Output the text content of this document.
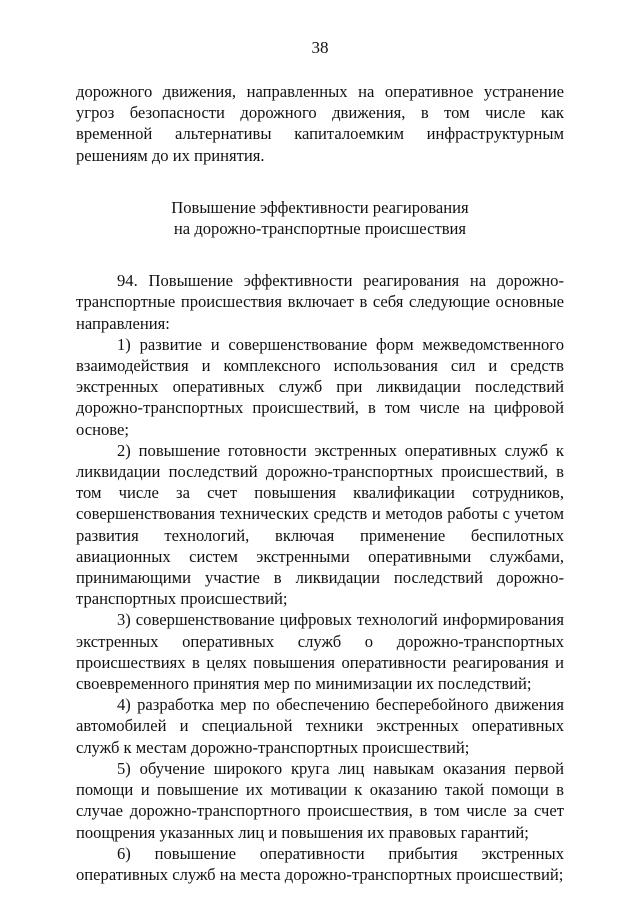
38

дорожного движения, направленных на оперативное устранение угроз безопасности дорожного движения, в том числе как временной альтернативы капиталоемким инфраструктурным решениям до их принятия.

Повышение эффективности реагирования

на дорожно-транспортные происшествия

94. Повышение эффективности реагирования на дорожно-транспортные происшествия включает в себя следующие основные направления:

1) развитие и совершенствование форм межведомственного взаимодействия и комплексного использования сил и средств экстренных оперативных служб при ликвидации последствий дорожно-транспортных происшествий, в том числе на цифровой основе;

2) повышение готовности экстренных оперативных служб к ликвидации последствий дорожно-транспортных происшествий, в том числе за счет повышения квалификации сотрудников, совершенствования технических средств и методов работы с учетом развития технологий, включая применение беспилотных авиационных систем экстренными оперативными службами, принимающими участие в ликвидации последствий дорожно-транспортных происшествий;

3) совершенствование цифровых технологий информирования экстренных оперативных служб о дорожно-транспортных происшествиях в целях повышения оперативности реагирования и своевременного принятия мер по минимизации их последствий;

4) разработка мер по обеспечению бесперебойного движения автомобилей и специальной техники экстренных оперативных служб к местам дорожно-транспортных происшествий;

5) обучение широкого круга лиц навыкам оказания первой помощи и повышение их мотивации к оказанию такой помощи в случае дорожно-транспортного происшествия, в том числе за счет поощрения указанных лиц и повышения их правовых гарантий;

6) повышение оперативности прибытия экстренных оперативных служб на места дорожно-транспортных происшествий;
